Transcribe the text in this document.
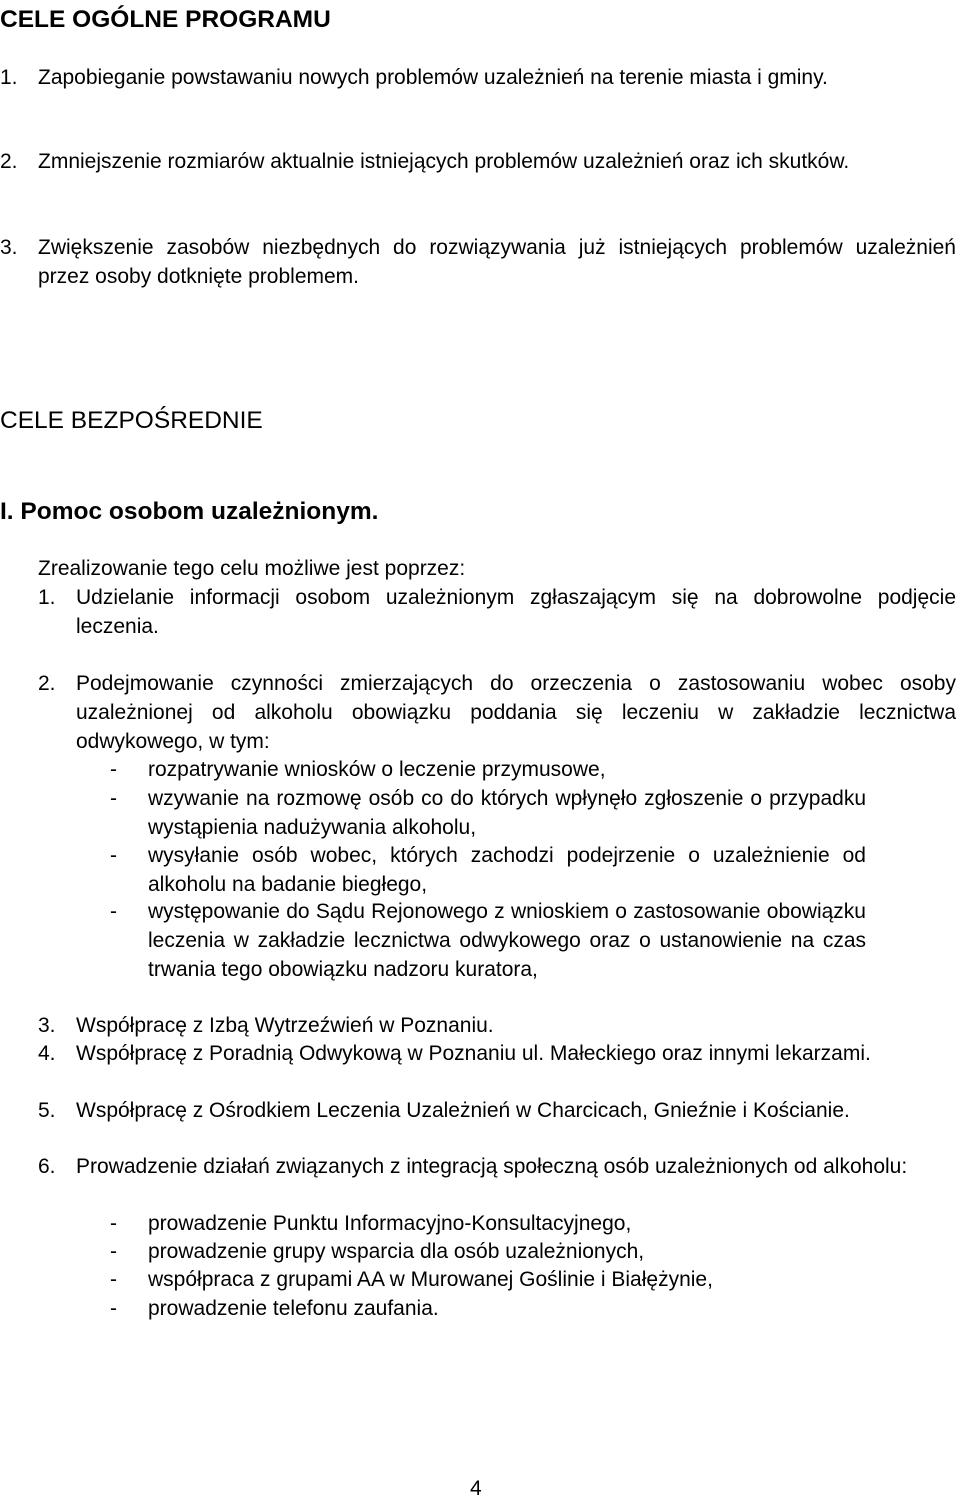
CELE OGÓLNE PROGRAMU
1. Zapobieganie powstawaniu nowych problemów uzależnień na terenie miasta i gminy.
2. Zmniejszenie rozmiarów aktualnie istniejących problemów uzależnień oraz ich skutków.
3. Zwiększenie zasobów niezbędnych do rozwiązywania już istniejących problemów uzależnień przez osoby dotknięte problemem.
CELE BEZPOŚREDNIE
I. Pomoc osobom uzależnionym.
Zrealizowanie tego celu możliwe jest poprzez:
1. Udzielanie informacji osobom uzależnionym zgłaszającym się na dobrowolne podjęcie leczenia.
2. Podejmowanie czynności zmierzających do orzeczenia o zastosowaniu wobec osoby uzależnionej od alkoholu obowiązku poddania się leczeniu w zakładzie lecznictwa odwykowego, w tym:
- rozpatrywanie wniosków o leczenie przymusowe,
- wzywanie na rozmowę osób co do których wpłynęło zgłoszenie o przypadku wystąpienia nadużywania alkoholu,
- wysyłanie osób wobec, których zachodzi podejrzenie o uzależnienie od alkoholu na badanie biegłego,
- występowanie do Sądu Rejonowego z wnioskiem o zastosowanie obowiązku leczenia w zakładzie lecznictwa odwykowego oraz o ustanowienie na czas trwania tego obowiązku nadzoru kuratora,
3. Współpracę z Izbą Wytrzeźwień w Poznaniu.
4. Współpracę z Poradnią Odwykową w Poznaniu ul. Małeckiego oraz innymi lekarzami.
5. Współpracę z Ośrodkiem Leczenia Uzależnień w Charcicach, Gnieźnie i Kościanie.
6. Prowadzenie działań związanych z integracją społeczną osób uzależnionych od alkoholu:
- prowadzenie Punktu Informacyjno-Konsultacyjnego,
- prowadzenie grupy wsparcia dla osób uzależnionych,
- współpraca z grupami AA w Murowanej Goślinie i Białężynie,
- prowadzenie telefonu zaufania.
4
